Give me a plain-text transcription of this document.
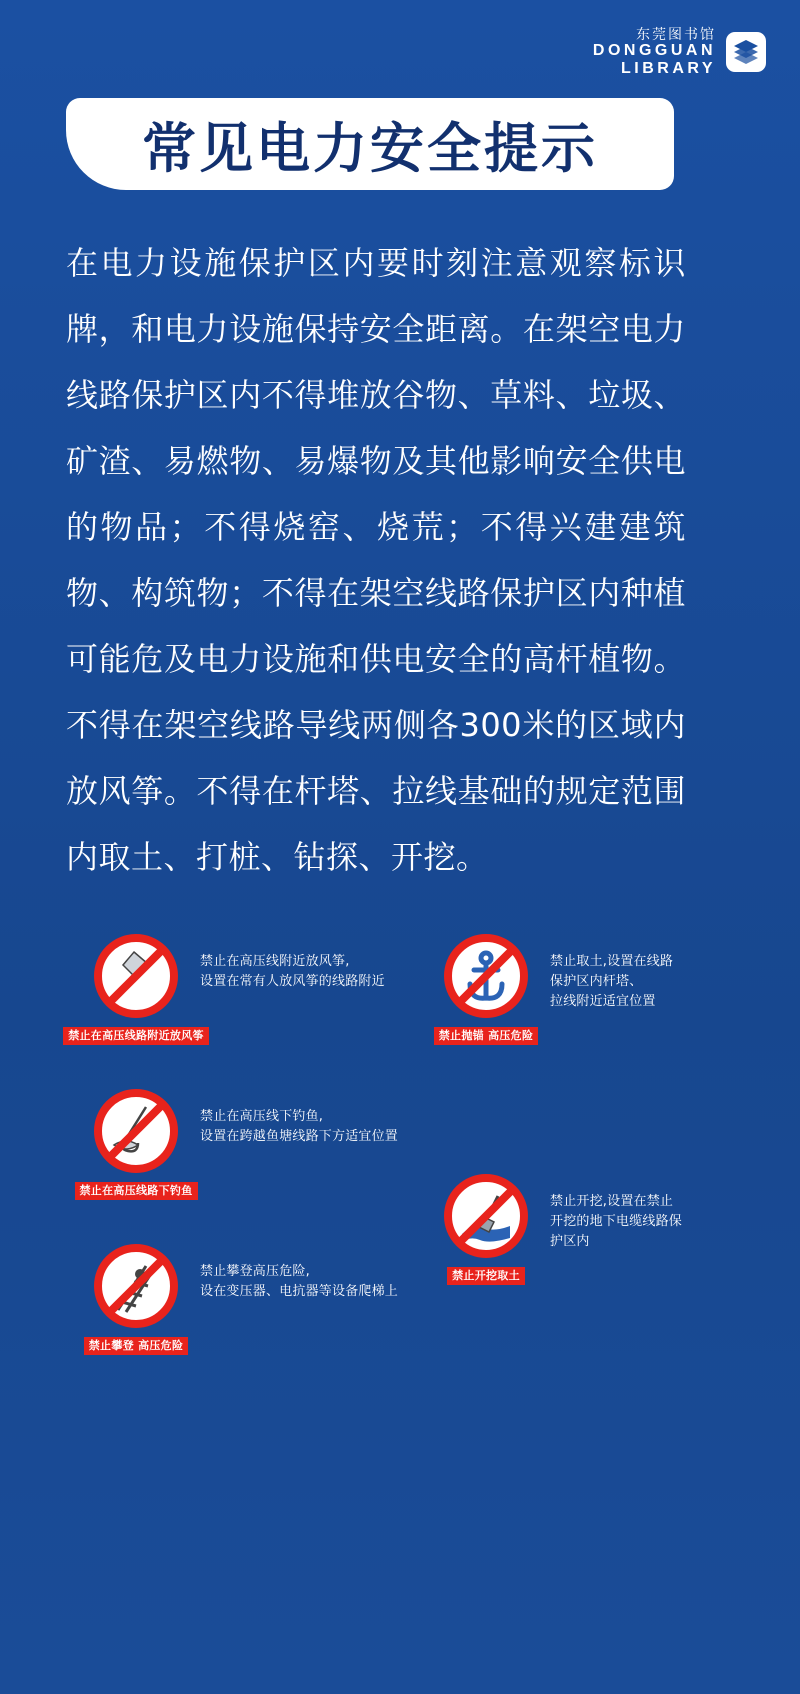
东莞图书馆
DONGGUAN
LIBRARY
常见电力安全提示
在电力设施保护区内要时刻注意观察标识牌，和电力设施保持安全距离。在架空电力线路保护区内不得堆放谷物、草料、垃圾、矿渣、易燃物、易爆物及其他影响安全供电的物品；不得烧窑、烧荒；不得兴建建筑物、构筑物；不得在架空线路保护区内种植可能危及电力设施和供电安全的高杆植物。不得在架空线路导线两侧各300米的区域内放风筝。不得在杆塔、拉线基础的规定范围内取土、打桩、钻探、开挖。
禁止在高压线路附近放风筝
禁止在高压线附近放风筝,
设置在常有人放风筝的线路附近
禁止在高压线路下钓鱼
禁止在高压线下钓鱼,
设置在跨越鱼塘线路下方适宜位置
禁止攀登 高压危险
禁止攀登高压危险,
设在变压器、电抗器等设备爬梯上
禁止抛锚 高压危险
禁止取土,设置在线路
保护区内杆塔、
拉线附近适宜位置
禁止开挖取土
禁止开挖,设置在禁止
开挖的地下电缆线路保
护区内
